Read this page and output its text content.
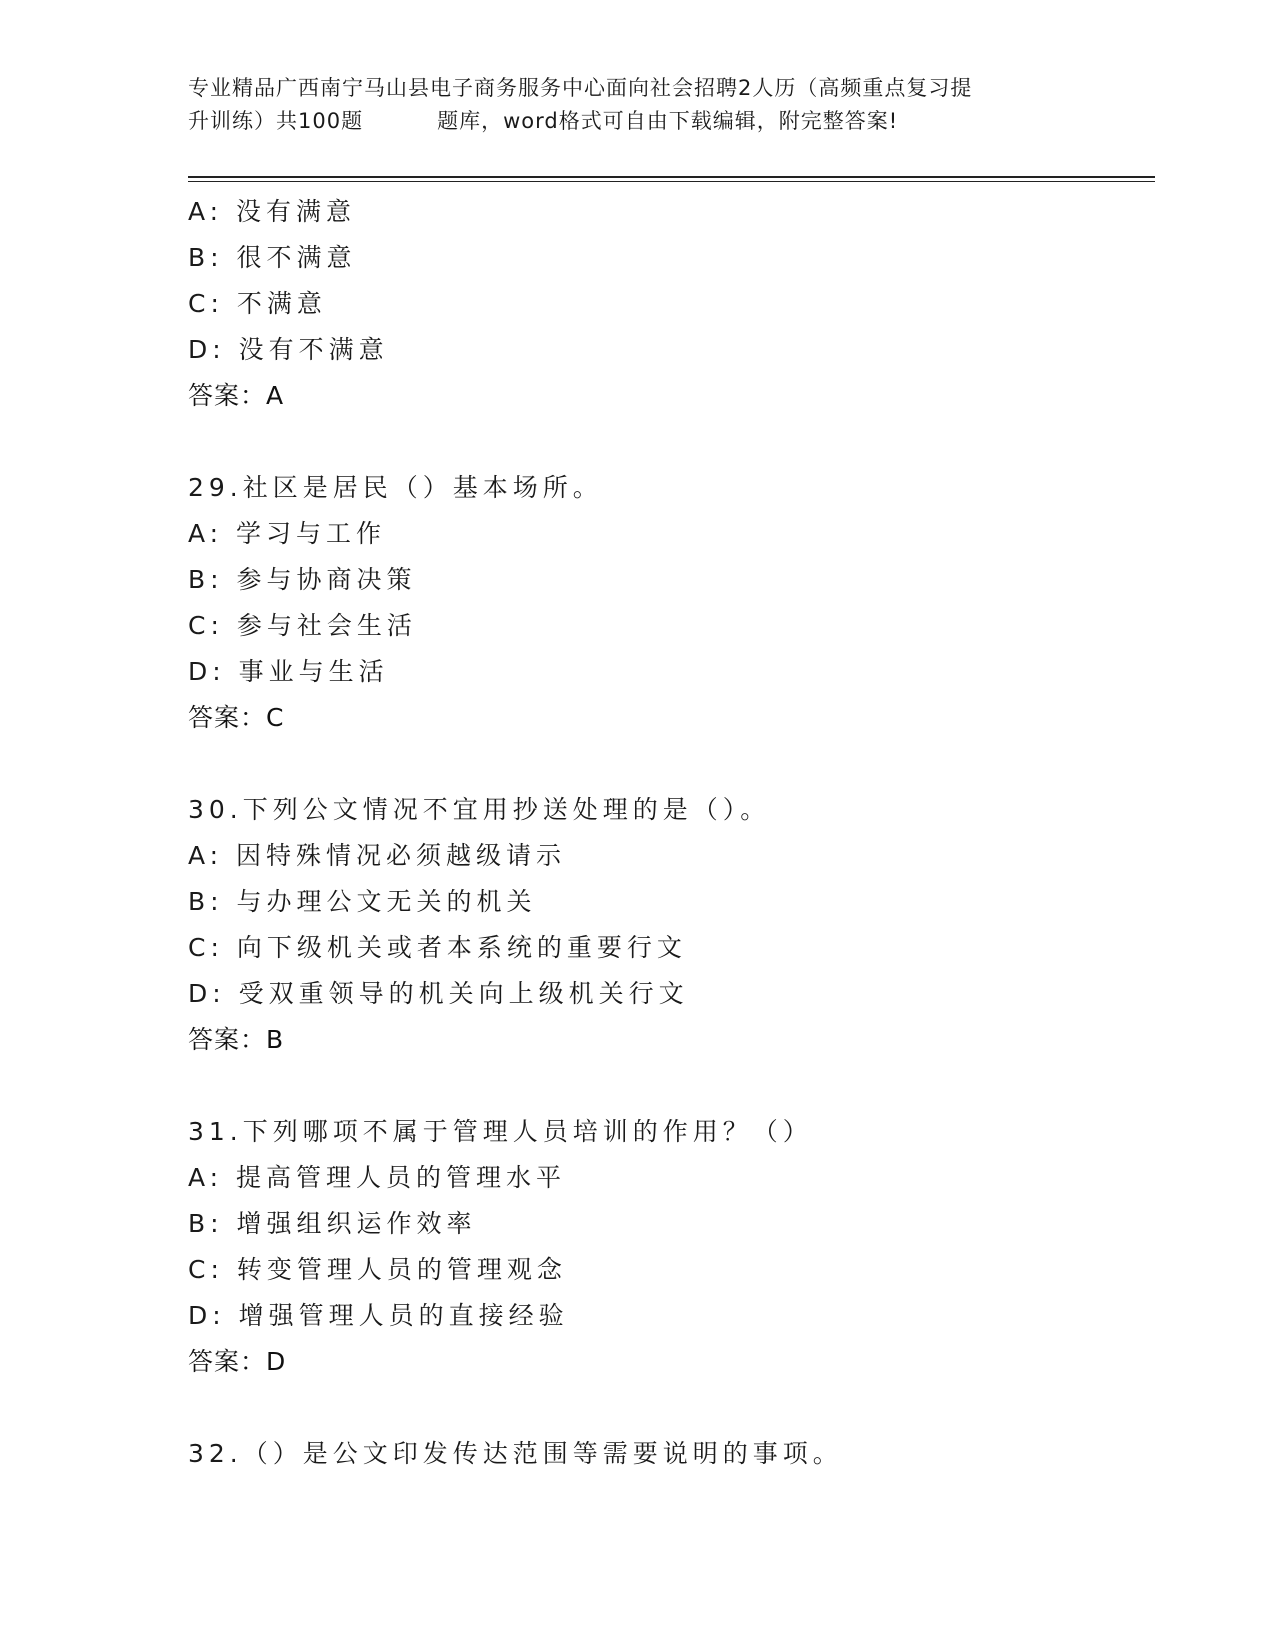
专业精品广西南宁马山县电子商务服务中心面向社会招聘2人历（高频重点复习提
升训练）共100题	题库，word格式可自由下载编辑，附完整答案!
A: 没有满意
B: 很不满意
C: 不满意
D: 没有不满意
答案：A
29.社区是居民（）基本场所。
A: 学习与工作
B: 参与协商决策
C: 参与社会生活
D: 事业与生活
答案：C
30.下列公文情况不宜用抄送处理的是（）。
A: 因特殊情况必须越级请示
B: 与办理公文无关的机关
C: 向下级机关或者本系统的重要行文
D: 受双重领导的机关向上级机关行文
答案：B
31.下列哪项不属于管理人员培训的作用？（）
A: 提高管理人员的管理水平
B: 增强组织运作效率
C: 转变管理人员的管理观念
D: 增强管理人员的直接经验
答案：D
32.（）是公文印发传达范围等需要说明的事项。
